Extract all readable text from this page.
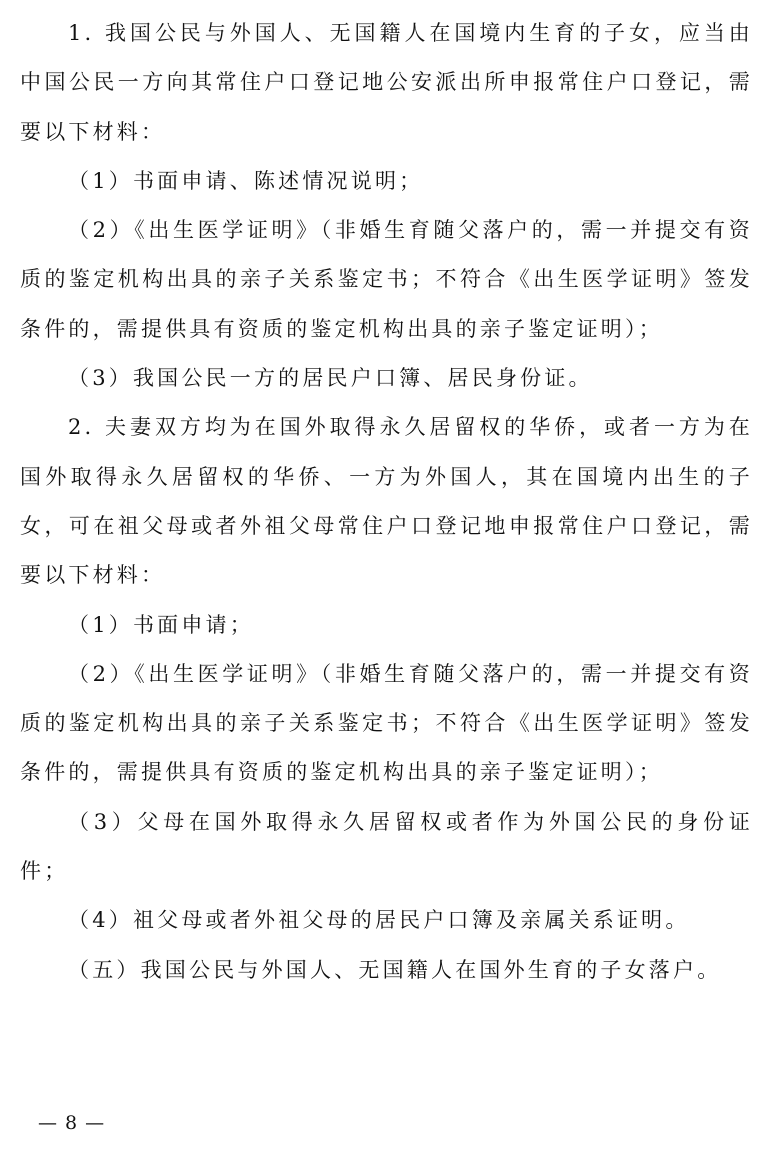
1. 我国公民与外国人、无国籍人在国境内生育的子女，应当由中国公民一方向其常住户口登记地公安派出所申报常住户口登记，需要以下材料：

（1）书面申请、陈述情况说明；

（2）《出生医学证明》（非婚生育随父落户的，需一并提交有资质的鉴定机构出具的亲子关系鉴定书；不符合《出生医学证明》签发条件的，需提供具有资质的鉴定机构出具的亲子鉴定证明）；

（3）我国公民一方的居民户口簿、居民身份证。

2. 夫妻双方均为在国外取得永久居留权的华侨，或者一方为在国外取得永久居留权的华侨、一方为外国人，其在国境内出生的子女，可在祖父母或者外祖父母常住户口登记地申报常住户口登记，需要以下材料：

（1）书面申请；

（2）《出生医学证明》（非婚生育随父落户的，需一并提交有资质的鉴定机构出具的亲子关系鉴定书；不符合《出生医学证明》签发条件的，需提供具有资质的鉴定机构出具的亲子鉴定证明）；

（3）父母在国外取得永久居留权或者作为外国公民的身份证件；

（4）祖父母或者外祖父母的居民户口簿及亲属关系证明。

（五）我国公民与外国人、无国籍人在国外生育的子女落户。

— 8 —
